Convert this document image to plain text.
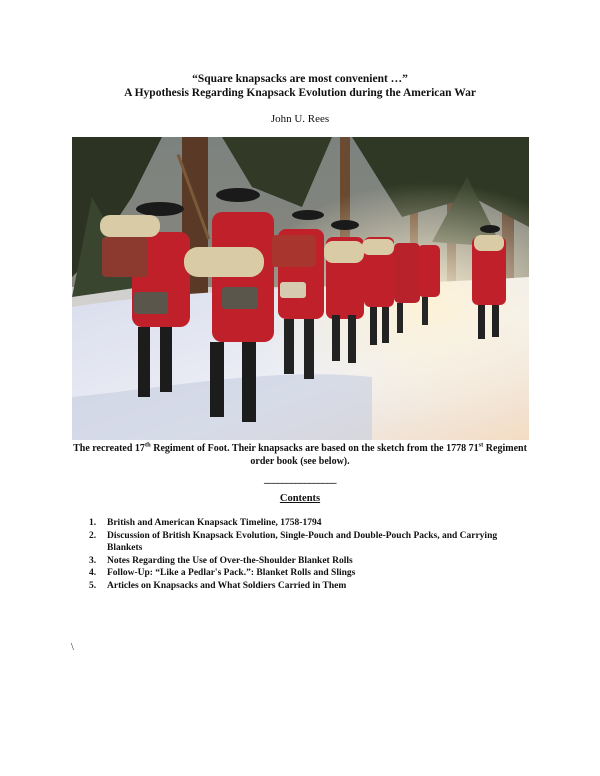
“Square knapsacks are most convenient …”
A Hypothesis Regarding Knapsack Evolution during the American War
John U. Rees
The recreated 17th Regiment of Foot. Their knapsacks are based on the sketch from the 1778 71st Regiment order book (see below).
________________
Contents
1.	British and American Knapsack Timeline, 1758-1794
2.	Discussion of British Knapsack Evolution, Single-Pouch and Double-Pouch Packs, and Carrying Blankets
3.	Notes Regarding the Use of Over-the-Shoulder Blanket Rolls
4.	Follow-Up: “Like a Pedlar's Pack.”: Blanket Rolls and Slings
5.	Articles on Knapsacks and What Soldiers Carried in Them
\
